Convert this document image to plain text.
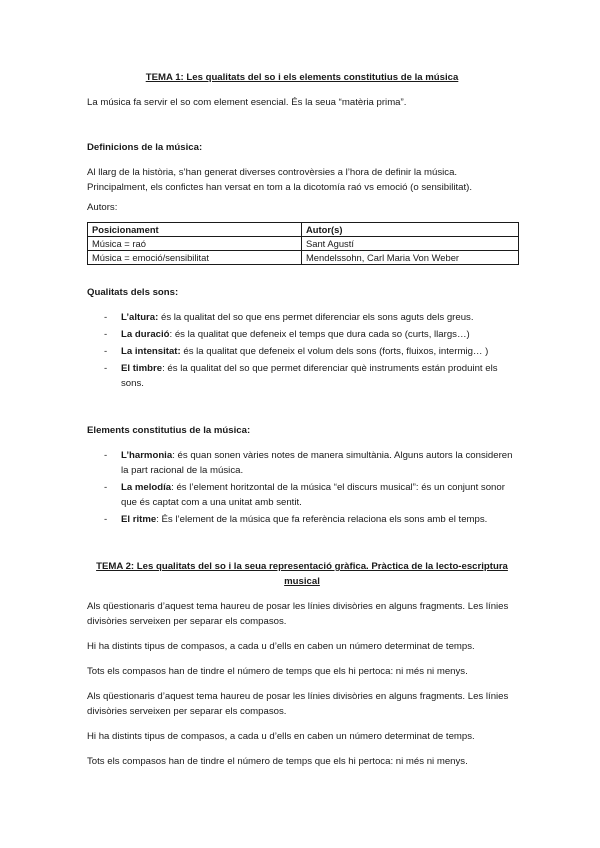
TEMA 1: Les qualitats del so i els elements constitutius de la música

La música fa servir el so com element esencial. És la seua “matèria prima”.

Definicions de la música:

Al llarg de la història, s’han generat diverses controvèrsies a l’hora de definir la música. Principalment, els confictes han versat en tom a la dicotomía raó vs emoció (o sensibilitat).

Autors:

Posicionament	Autor(s)
Música = raó	Sant Agustí
Música = emoció/sensibilitat	Mendelssohn, Carl Maria Von Weber

Qualitats dels sons:

- L’altura: és la qualitat del so que ens permet diferenciar els sons aguts dels greus.
- La duració: és la qualitat que defeneix el temps que dura cada so (curts, llargs…)
- La intensitat: és la qualitat que defeneix el volum dels sons (forts, fluixos, intermig… )
- El timbre: és la qualitat del so que permet diferenciar què instruments están produint els sons.

Elements constitutius de la música:

- L’harmonia: és quan sonen vàries notes de manera simultània. Alguns autors la consideren la part racional de la música.
- La melodía: és l’element horitzontal de la música “el discurs musical”: és un conjunt sonor que és captat com a una unitat amb sentit.
- El ritme: És l’element de la música que fa referència relaciona els sons amb el temps.

TEMA 2: Les qualitats del so i la seua representació gràfica. Pràctica de la lecto-escriptura musical

Als qüestionaris d’aquest tema haureu de posar les línies divisòries en alguns fragments. Les línies divisòries serveixen per separar els compasos.

Hi ha distints tipus de compasos, a cada u d’ells en caben un número determinat de temps.

Tots els compasos han de tindre el número de temps que els hi pertoca: ni més ni menys.

Als qüestionaris d’aquest tema haureu de posar les línies divisòries en alguns fragments. Les línies divisòries serveixen per separar els compasos.

Hi ha distints tipus de compasos, a cada u d’ells en caben un número determinat de temps.

Tots els compasos han de tindre el número de temps que els hi pertoca: ni més ni menys.
